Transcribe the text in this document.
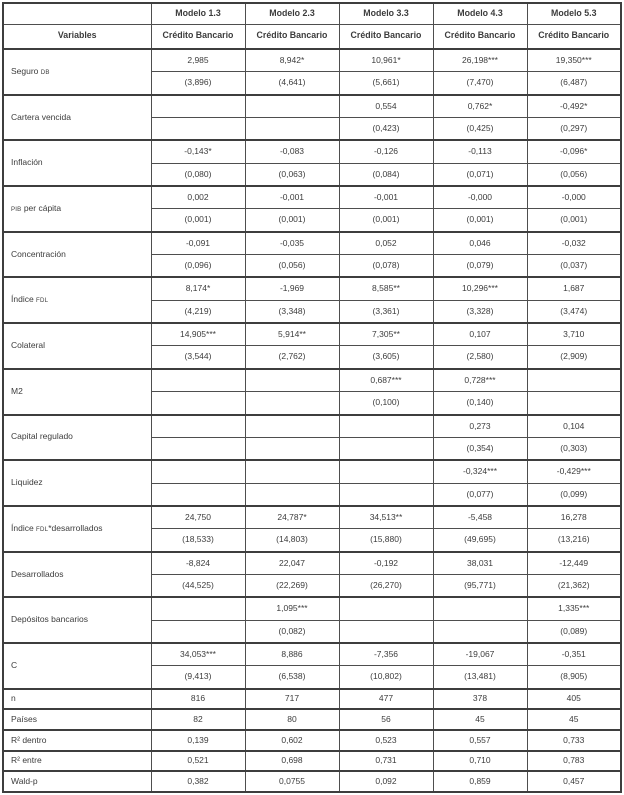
	Modelo 1.3	Modelo 2.3	Modelo 3.3	Modelo 4.3	Modelo 5.3
Variables	Crédito Bancario	Crédito Bancario	Crédito Bancario	Crédito Bancario	Crédito Bancario
Seguro DB	2,985	8,942*	10,961*	26,198***	19,350***
	(3,896)	(4,641)	(5,661)	(7,470)	(6,487)
Cartera vencida			0,554	0,762*	-0,492*
			(0,423)	(0,425)	(0,297)
Inflación	-0,143*	-0,083	-0,126	-0,113	-0,096*
	(0,080)	(0,063)	(0,084)	(0,071)	(0,056)
PIB per cápita	0,002	-0,001	-0,001	-0,000	-0,000
	(0,001)	(0,001)	(0,001)	(0,001)	(0,001)
Concentración	-0,091	-0,035	0,052	0,046	-0,032
	(0,096)	(0,056)	(0,078)	(0,079)	(0,037)
Índice FDL	8,174*	-1,969	8,585**	10,296***	1,687
	(4,219)	(3,348)	(3,361)	(3,328)	(3,474)
Colateral	14,905***	5,914**	7,305**	0,107	3,710
	(3,544)	(2,762)	(3,605)	(2,580)	(2,909)
M2			0,687***	0,728***	
			(0,100)	(0,140)	
Capital regulado				0,273	0,104
				(0,354)	(0,303)
Liquidez				-0,324***	-0,429***
				(0,077)	(0,099)
Índice FDL*desarrollados	24,750	24,787*	34,513**	-5,458	16,278
	(18,533)	(14,803)	(15,880)	(49,695)	(13,216)
Desarrollados	-8,824	22,047	-0,192	38,031	-12,449
	(44,525)	(22,269)	(26,270)	(95,771)	(21,362)
Depósitos bancarios		1,095***			1,335***
		(0,082)			(0,089)
C	34,053***	8,886	-7,356	-19,067	-0,351
	(9,413)	(6,538)	(10,802)	(13,481)	(8,905)
n	816	717	477	378	405
Países	82	80	56	45	45
R² dentro	0,139	0,602	0,523	0,557	0,733
R² entre	0,521	0,698	0,731	0,710	0,783
Wald-p	0,382	0,0755	0,092	0,859	0,457
